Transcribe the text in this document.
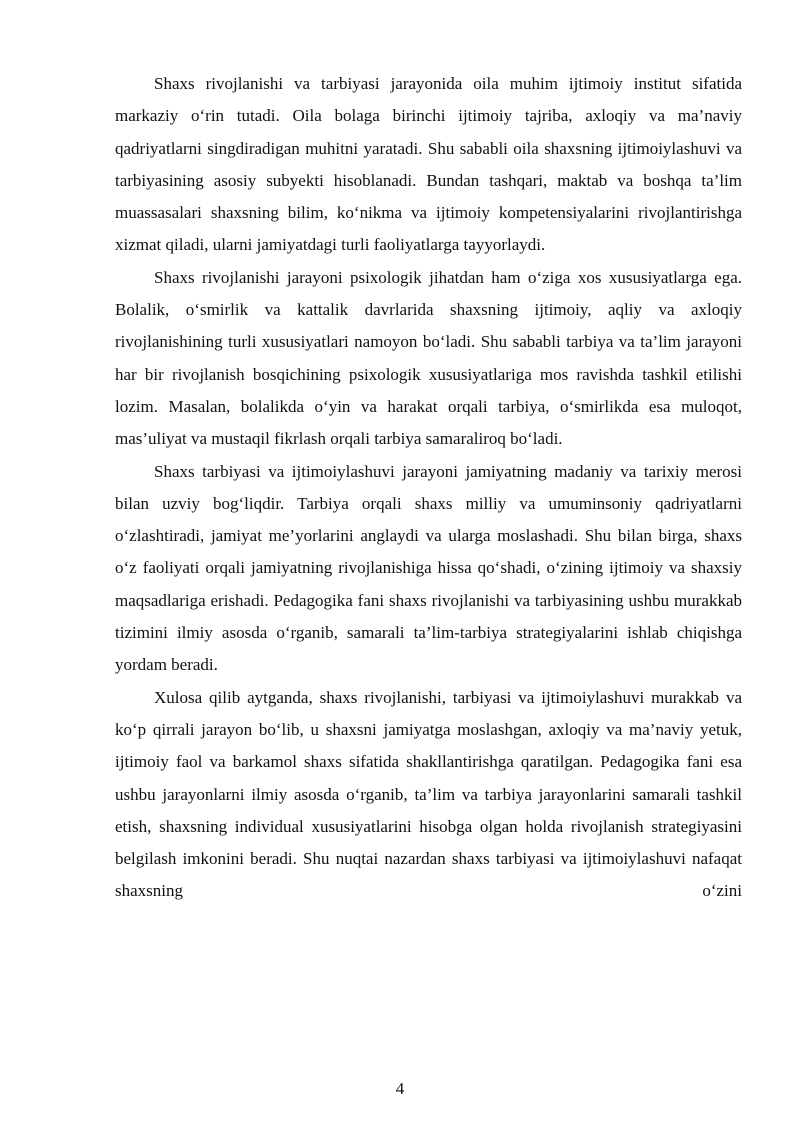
Shaxs rivojlanishi va tarbiyasi jarayonida oila muhim ijtimoiy institut sifatida markaziy o‘rin tutadi. Oila bolaga birinchi ijtimoiy tajriba, axloqiy va ma’naviy qadriyatlarni singdiradigan muhitni yaratadi. Shu sababli oila shaxsning ijtimoiylashuvi va tarbiyasining asosiy subyekti hisoblanadi. Bundan tashqari, maktab va boshqa ta’lim muassasalari shaxsning bilim, ko‘nikma va ijtimoiy kompetensiyalarini rivojlantirishga xizmat qiladi, ularni jamiyatdagi turli faoliyatlarga tayyorlaydi.

Shaxs rivojlanishi jarayoni psixologik jihatdan ham o‘ziga xos xususiyatlarga ega. Bolalik, o‘smirlik va kattalik davrlarida shaxsning ijtimoiy, aqliy va axloqiy rivojlanishining turli xususiyatlari namoyon bo‘ladi. Shu sababli tarbiya va ta’lim jarayoni har bir rivojlanish bosqichining psixologik xususiyatlariga mos ravishda tashkil etilishi lozim. Masalan, bolalikda o‘yin va harakat orqali tarbiya, o‘smirlikda esa muloqot, mas’uliyat va mustaqil fikrlash orqali tarbiya samaraliroq bo‘ladi.

Shaxs tarbiyasi va ijtimoiylashuvi jarayoni jamiyatning madaniy va tarixiy merosi bilan uzviy bog‘liqdir. Tarbiya orqali shaxs milliy va umuminsoniy qadriyatlarni o‘zlashtiradi, jamiyat me’yorlarini anglaydi va ularga moslashadi. Shu bilan birga, shaxs o‘z faoliyati orqali jamiyatning rivojlanishiga hissa qo‘shadi, o‘zining ijtimoiy va shaxsiy maqsadlariga erishadi. Pedagogika fani shaxs rivojlanishi va tarbiyasining ushbu murakkab tizimini ilmiy asosda o‘rganib, samarali ta’lim-tarbiya strategiyalarini ishlab chiqishga yordam beradi.

Xulosa qilib aytganda, shaxs rivojlanishi, tarbiyasi va ijtimoiylashuvi murakkab va ko‘p qirrali jarayon bo‘lib, u shaxsni jamiyatga moslashgan, axloqiy va ma’naviy yetuk, ijtimoiy faol va barkamol shaxs sifatida shakllantirishga qaratilgan. Pedagogika fani esa ushbu jarayonlarni ilmiy asosda o‘rganib, ta’lim va tarbiya jarayonlarini samarali tashkil etish, shaxsning individual xususiyatlarini hisobga olgan holda rivojlanish strategiyasini belgilash imkonini beradi. Shu nuqtai nazardan shaxs tarbiyasi va ijtimoiylashuvi nafaqat shaxsning o‘zini

4
